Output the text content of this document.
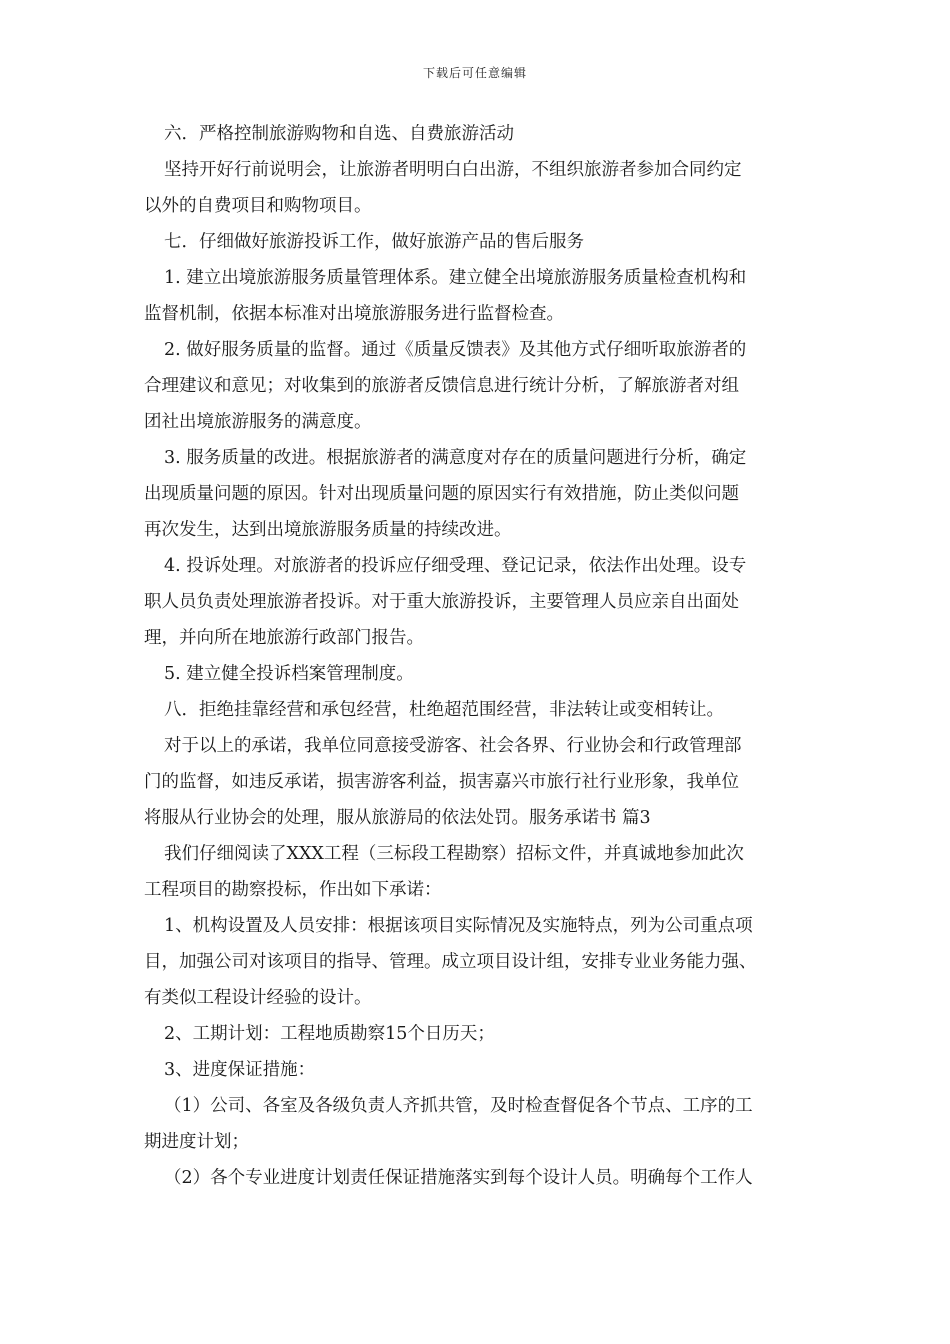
下载后可任意编辑
六．严格控制旅游购物和自选、自费旅游活动
坚持开好行前说明会，让旅游者明明白白出游，不组织旅游者参加合同约定
以外的自费项目和购物项目。
七．仔细做好旅游投诉工作，做好旅游产品的售后服务
1. 建立出境旅游服务质量管理体系。建立健全出境旅游服务质量检查机构和
监督机制，依据本标准对出境旅游服务进行监督检查。
2. 做好服务质量的监督。通过《质量反馈表》及其他方式仔细听取旅游者的
合理建议和意见；对收集到的旅游者反馈信息进行统计分析，了解旅游者对组
团社出境旅游服务的满意度。
3. 服务质量的改进。根据旅游者的满意度对存在的质量问题进行分析，确定
出现质量问题的原因。针对出现质量问题的原因实行有效措施，防止类似问题
再次发生，达到出境旅游服务质量的持续改进。
4. 投诉处理。对旅游者的投诉应仔细受理、登记记录，依法作出处理。设专
职人员负责处理旅游者投诉。对于重大旅游投诉，主要管理人员应亲自出面处
理，并向所在地旅游行政部门报告。
5. 建立健全投诉档案管理制度。
八．拒绝挂靠经营和承包经营，杜绝超范围经营，非法转让或变相转让。
对于以上的承诺，我单位同意接受游客、社会各界、行业协会和行政管理部
门的监督，如违反承诺，损害游客利益，损害嘉兴市旅行社行业形象，我单位
将服从行业协会的处理，服从旅游局的依法处罚。服务承诺书 篇3
我们仔细阅读了XXX工程（三标段工程勘察）招标文件，并真诚地参加此次
工程项目的勘察投标，作出如下承诺：
1、机构设置及人员安排：根据该项目实际情况及实施特点，列为公司重点项
目，加强公司对该项目的指导、管理。成立项目设计组，安排专业业务能力强、
有类似工程设计经验的设计。
2、工期计划：工程地质勘察15个日历天；
3、进度保证措施：
（1）公司、各室及各级负责人齐抓共管，及时检查督促各个节点、工序的工
期进度计划；
（2）各个专业进度计划责任保证措施落实到每个设计人员。明确每个工作人
